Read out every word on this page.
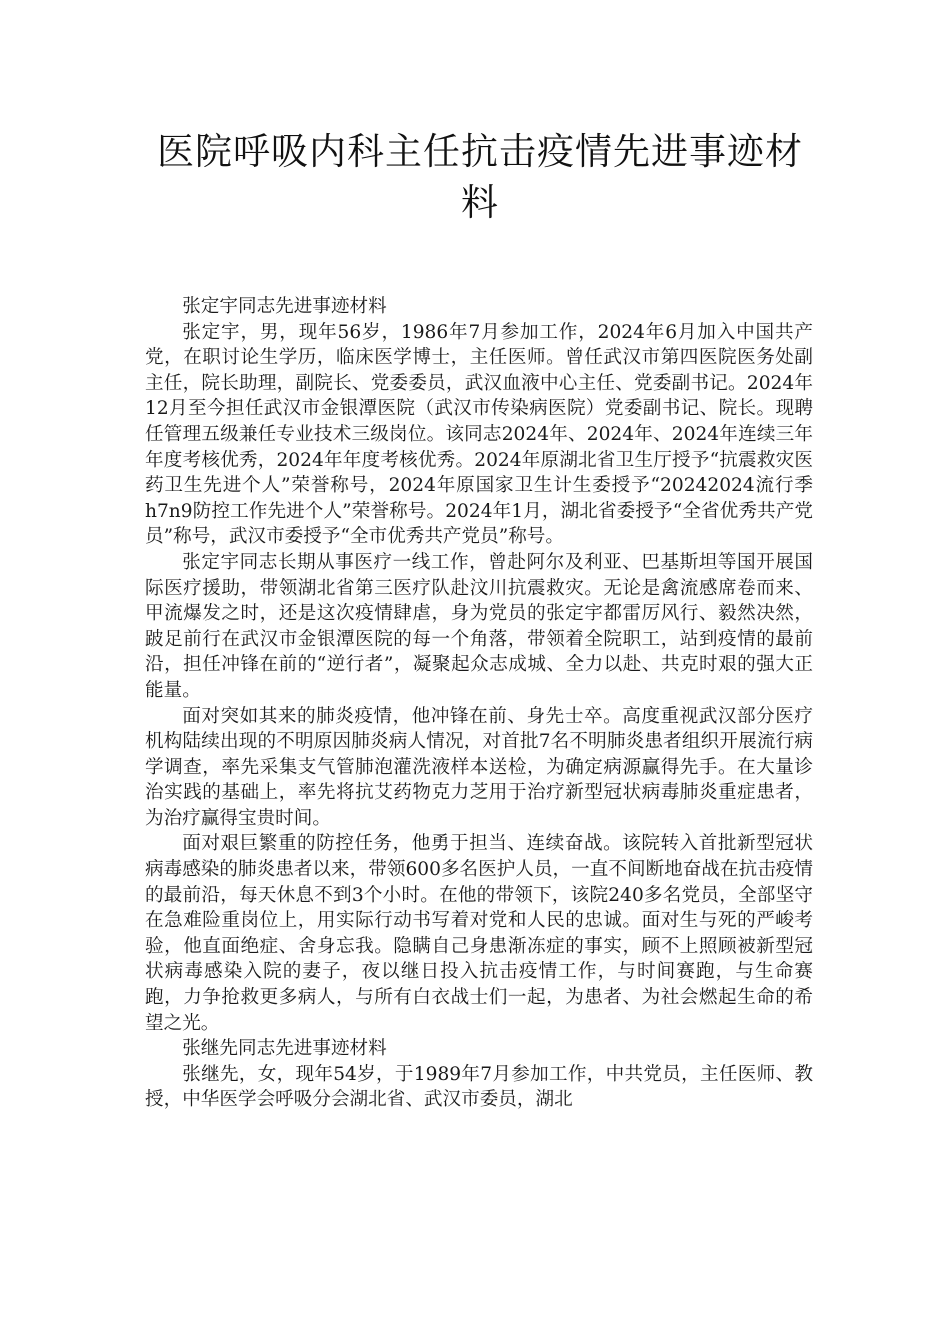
医院呼吸内科主任抗击疫情先进事迹材料

张定宇同志先进事迹材料

张定宇，男，现年56岁，1986年7月参加工作，2024年6月加入中国共产党，在职讨论生学历，临床医学博士，主任医师。曾任武汉市第四医院医务处副主任，院长助理，副院长、党委委员，武汉血液中心主任、党委副书记。2024年12月至今担任武汉市金银潭医院（武汉市传染病医院）党委副书记、院长。现聘任管理五级兼任专业技术三级岗位。该同志2024年、2024年、2024年连续三年年度考核优秀，2024年年度考核优秀。2024年原湖北省卫生厅授予“抗震救灾医药卫生先进个人”荣誉称号，2024年原国家卫生计生委授予“20242024流行季h7n9防控工作先进个人”荣誉称号。2024年1月，湖北省委授予“全省优秀共产党员”称号，武汉市委授予“全市优秀共产党员”称号。

张定宇同志长期从事医疗一线工作，曾赴阿尔及利亚、巴基斯坦等国开展国际医疗援助，带领湖北省第三医疗队赴汶川抗震救灾。无论是禽流感席卷而来、甲流爆发之时，还是这次疫情肆虐，身为党员的张定宇都雷厉风行、毅然决然，跛足前行在武汉市金银潭医院的每一个角落，带领着全院职工，站到疫情的最前沿，担任冲锋在前的“逆行者”，凝聚起众志成城、全力以赴、共克时艰的强大正能量。

面对突如其来的肺炎疫情，他冲锋在前、身先士卒。高度重视武汉部分医疗机构陆续出现的不明原因肺炎病人情况，对首批7名不明肺炎患者组织开展流行病学调查，率先采集支气管肺泡灌洗液样本送检，为确定病源赢得先手。在大量诊治实践的基础上，率先将抗艾药物克力芝用于治疗新型冠状病毒肺炎重症患者，为治疗赢得宝贵时间。

面对艰巨繁重的防控任务，他勇于担当、连续奋战。该院转入首批新型冠状病毒感染的肺炎患者以来，带领600多名医护人员，一直不间断地奋战在抗击疫情的最前沿，每天休息不到3个小时。在他的带领下，该院240多名党员，全部坚守在急难险重岗位上，用实际行动书写着对党和人民的忠诚。面对生与死的严峻考验，他直面绝症、舍身忘我。隐瞒自己身患渐冻症的事实，顾不上照顾被新型冠状病毒感染入院的妻子，夜以继日投入抗击疫情工作，与时间赛跑，与生命赛跑，力争抢救更多病人，与所有白衣战士们一起，为患者、为社会燃起生命的希望之光。

张继先同志先进事迹材料

张继先，女，现年54岁，于1989年7月参加工作，中共党员，主任医师、教授，中华医学会呼吸分会湖北省、武汉市委员，湖北
